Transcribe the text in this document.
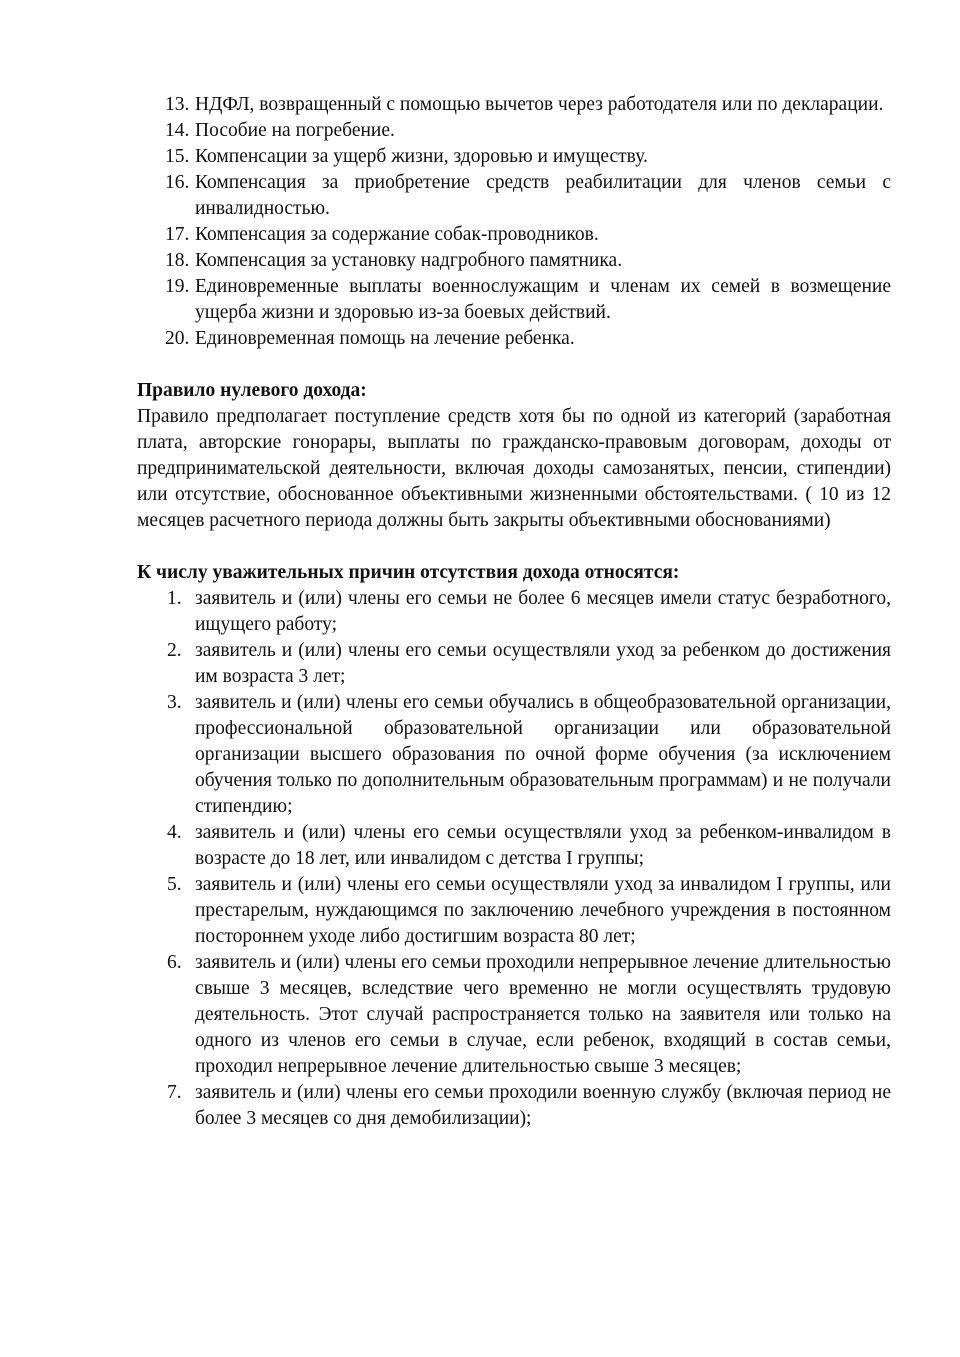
13. НДФЛ, возвращенный с помощью вычетов через работодателя или по декларации.
14. Пособие на погребение.
15. Компенсации за ущерб жизни, здоровью и имуществу.
16. Компенсация за приобретение средств реабилитации для членов семьи с инвалидностью.
17. Компенсация за содержание собак-проводников.
18. Компенсация за установку надгробного памятника.
19. Единовременные выплаты военнослужащим и членам их семей в возмещение ущерба жизни и здоровью из-за боевых действий.
20. Единовременная помощь на лечение ребенка.

Правило нулевого дохода:

Правило предполагает поступление средств хотя бы по одной из категорий (заработная плата, авторские гонорары, выплаты по гражданско-правовым договорам, доходы от предпринимательской деятельности, включая доходы самозанятых, пенсии, стипендии) или отсутствие, обоснованное объективными жизненными обстоятельствами. ( 10 из 12 месяцев расчетного периода должны быть закрыты объективными обоснованиями)

К числу уважительных причин отсутствия дохода относятся:

1. заявитель и (или) члены его семьи не более 6 месяцев имели статус безработного, ищущего работу;
2. заявитель и (или) члены его семьи осуществляли уход за ребенком до достижения им возраста 3 лет;
3. заявитель и (или) члены его семьи обучались в общеобразовательной организации, профессиональной образовательной организации или образовательной организации высшего образования по очной форме обучения (за исключением обучения только по дополнительным образовательным программам) и не получали стипендию;
4. заявитель и (или) члены его семьи осуществляли уход за ребенком-инвалидом в возрасте до 18 лет, или инвалидом с детства I группы;
5. заявитель и (или) члены его семьи осуществляли уход за инвалидом I группы, или престарелым, нуждающимся по заключению лечебного учреждения в постоянном постороннем уходе либо достигшим возраста 80 лет;
6. заявитель и (или) члены его семьи проходили непрерывное лечение длительностью свыше 3 месяцев, вследствие чего временно не могли осуществлять трудовую деятельность. Этот случай распространяется только на заявителя или только на одного из членов его семьи в случае, если ребенок, входящий в состав семьи, проходил непрерывное лечение длительностью свыше 3 месяцев;
7. заявитель и (или) члены его семьи проходили военную службу (включая период не более 3 месяцев со дня демобилизации);
